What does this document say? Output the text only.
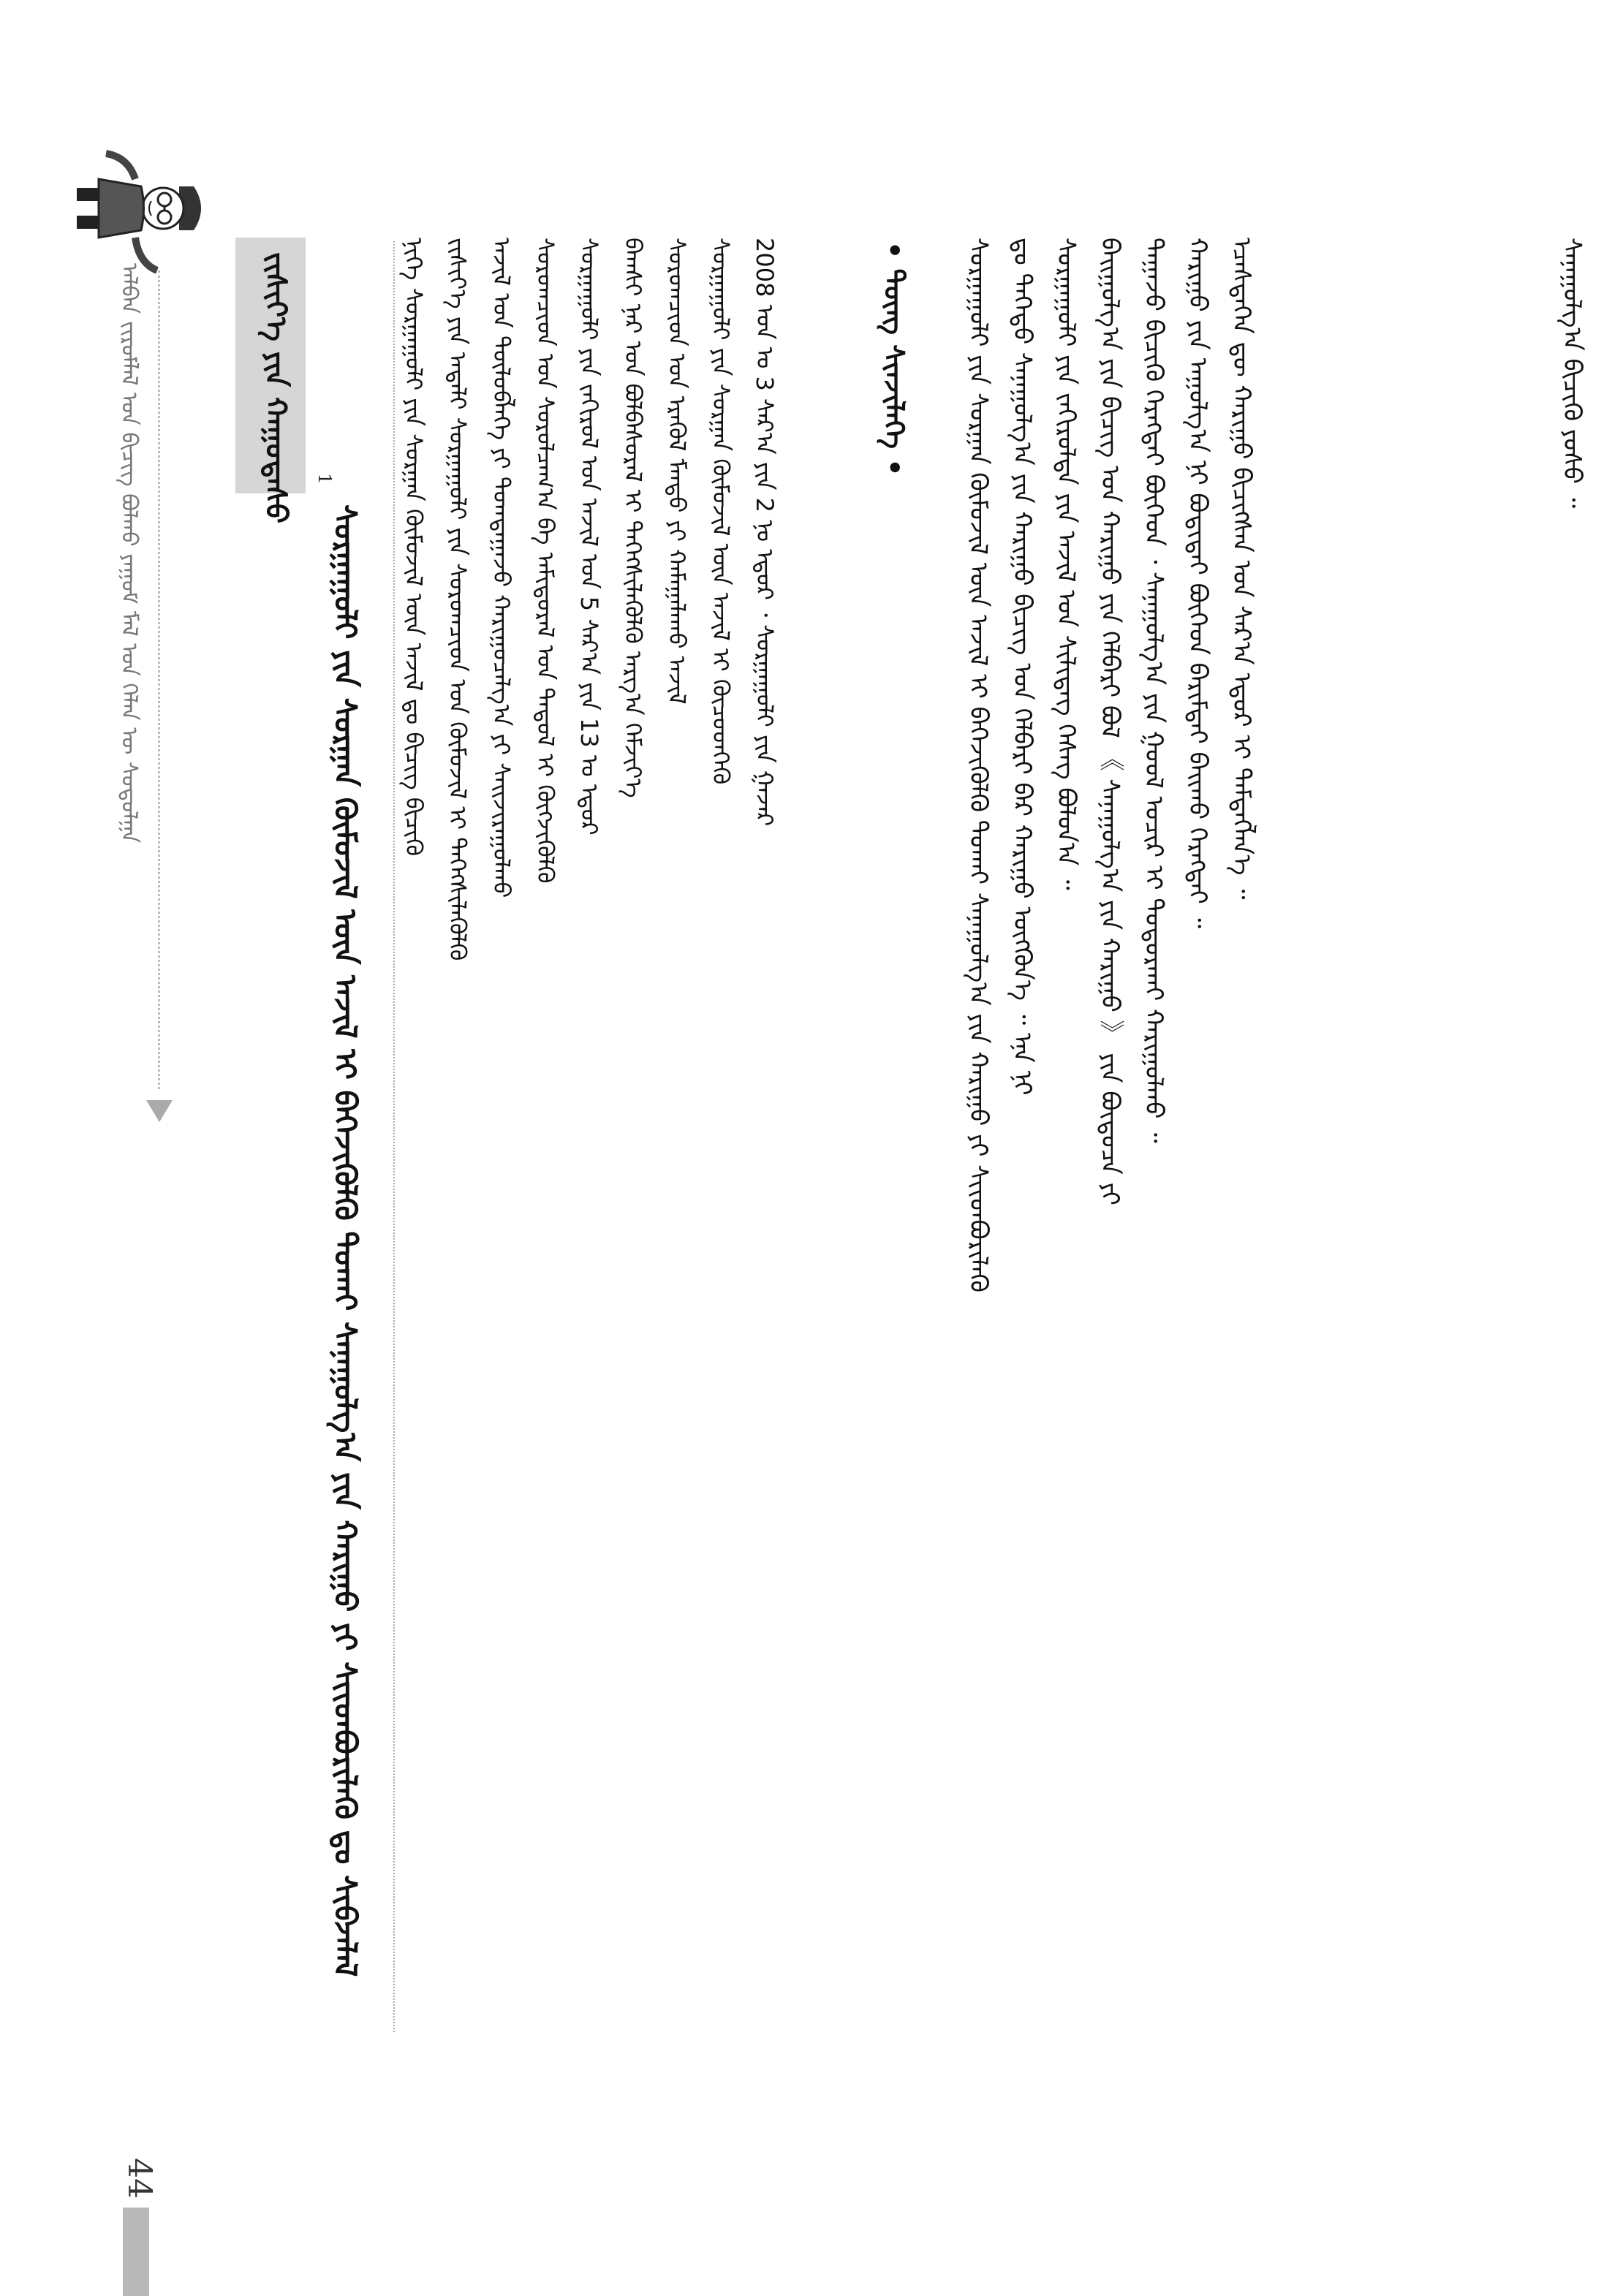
ᠠᠯᠪᠠᠨ ᠵᠢᠷᠤᠮᠯᠠᠯ ᠤᠨ ᠪᠢᠴᠢᠭ ᠪᠣᠯᠬᠤ ᠶᠠᠭᠤᠮ ᠮᠠᠯ ᠤᠨ ᠬᠡᠯᠡᠨ ᠦ ᠰᠤᠳᠤᠯᠭᠠ	ᠵᠢᠱᠢᠶ᠎ᠡ ᠶᠢᠨ ᠬᠠᠭᠤᠳᠠᠰᠤ 1
ᠰᠤᠷᠭᠠᠭᠤᠯᠢ ᠶᠢᠨ ᠰᠤᠷᠭᠠᠨ ᠬᠦᠮᠦᠵᠢᠯ ᠦᠨ ᠠᠵᠢᠯ ᠢ ᠪᠡᠬᠡᠵᠢᠭᠦᠯᠬᠦ ᠲᠤᠬᠠᠢ ᠰᠠᠨᠠᠭᠤᠯᠭ᠎ᠠ ᠶᠢᠨ ᠬᠠᠷᠢᠭᠤ ᠶᠢ ᠰᠢᠢᠳᠪᠦᠷᠢᠯᠡᠬᠦ ᠳᠤ ᠰᠢᠪᠵᠠᠯᠠᠯ	ᠨᠢᠭᠡ ᠰᠤᠷᠭᠠᠭᠤᠯᠢ ᠶᠢᠨ ᠰᠤᠷᠭᠠᠨ ᠬᠦᠮᠦᠵᠢᠯ ᠦᠨ ᠠᠵᠢᠯ ᠳᠤ ᠪᠢᠴᠢᠭ ᠪᠢᠴᠢᠬᠦ ᠵᠢᠱᠢᠶ᠎ᠡ ᠶᠢᠨ ᠠᠳᠠᠯᠢ ᠰᠤᠷᠭᠠᠭᠤᠯᠢ ᠶᠢᠨ ᠰᠤᠷᠤᠭᠴᠢᠳ ᠤᠨ ᠬᠦᠮᠦᠵᠢᠯ ᠢ ᠳᠡᠭᠡᠭᠰᠢᠯᠡᠭᠦᠯᠬᠦ ᠠᠵᠢᠯ ᠤᠨ ᠲᠥᠯᠦᠪᠯᠡᠭᠡ ᠶᠢ ᠲᠣᠭᠲᠠᠭᠠᠵᠤ ᠬᠠᠷᠢᠭᠤᠴᠠᠯᠭ᠎ᠠ ᠶᠢ ᠰᠠᠢᠵᠢᠷᠠᠭᠤᠯᠬᠤ ᠰᠤᠷᠤᠭᠴᠢᠳ ᠤᠨ ᠰᠤᠷᠤᠯᠴᠠᠭ᠎ᠠ ᠪᠠ ᠠᠮᠢᠳᠤᠷᠠᠯ ᠤᠨ ᠳᠠᠳᠤᠯ ᠢ ᠬᠥᠭᠵᠢᠭᠦᠯᠬᠦ ᠰᠤᠷᠭᠠᠭᠤᠯᠢ ᠶᠢᠨ ᠵᠠᠬᠢᠷᠤᠯ ᠤᠨ ᠠᠵᠢᠯ ᠤᠨ 5 ᠰᠠᠷ᠎ᠠ ᠶᠢᠨ 13 ᠤ ᠡᠳᠦᠷ ᠪᠠᠭᠰᠢ ᠨᠠᠷ ᠤᠨ ᠪᠣᠯᠪᠠᠰᠤᠷᠠᠯ ᠢ ᠳᠡᠭᠡᠭᠰᠢᠯᠡᠭᠦᠯᠬᠦ ᠠᠷᠭ᠎ᠠ ᠬᠡᠮᠵᠢᠶ᠎ᠡ ᠰᠤᠷᠤᠭᠴᠢᠳ ᠤᠨ ᠡᠷᠡᠭᠦᠯ ᠮᠡᠨᠳᠦ ᠶᠢ ᠬᠠᠮᠠᠭᠠᠯᠠᠬᠤ ᠠᠵᠢᠯ ᠰᠤᠷᠭᠠᠭᠤᠯᠢ ᠶᠢᠨ ᠰᠤᠷᠭᠠᠨ ᠬᠦᠮᠦᠵᠢᠯ ᠦᠨ ᠠᠵᠢᠯ ᠢ ᠬᠦᠴᠦᠳᠬᠡᠬᠦ 2008 ᠣᠨ ᠤ 3 ᠰᠠᠷ᠎ᠠ ᠶᠢᠨ 2 ᠨᠤ ᠡᠳᠦᠷ ᠂ ᠰᠤᠷᠭᠠᠭᠤᠯᠢ ᠶᠢᠨ ᠭᠠᠵᠠᠷ	• ᠳᠦᠩ ᠰᠢᠨᠵᠢᠯᠡᠭᠡ • ᠰᠤᠷᠭᠠᠭᠤᠯᠢ ᠶᠢᠨ ᠰᠤᠷᠭᠠᠨ ᠬᠦᠮᠦᠵᠢᠯ ᠦᠨ ᠠᠵᠢᠯ ᠢ ᠪᠡᠬᠡᠵᠢᠭᠦᠯᠬᠦ ᠲᠤᠬᠠᠢ ᠰᠠᠨᠠᠭᠤᠯᠭ᠎ᠠ ᠶᠢᠨ ᠬᠠᠷᠢᠭᠤ ᠶᠢ ᠰᠢᠢᠳᠪᠦᠷᠢᠯᠡᠬᠦ ᠳᠤ ᠳᠡᠭᠡᠳᠦ ᠰᠠᠨᠠᠭᠤᠯᠭ᠎ᠠ ᠶᠢᠨ ᠬᠠᠷᠢᠭᠤ ᠪᠢᠴᠢᠭ ᠤᠨ ᠬᠡᠯᠪᠡᠷᠢ ᠪᠡᠷ ᠬᠠᠷᠢᠭᠤ ᠥᠭᠭᠦᠨ᠎ᠡ ᠃ ᠡᠨᠡ ᠨᠢ ᠰᠤᠷᠭᠠᠭᠤᠯᠢ ᠶᠢᠨ ᠵᠠᠬᠢᠷᠤᠯᠲᠠ ᠶᠢᠨ ᠠᠵᠢᠯ ᠤᠨ ᠰᠢᠯᠢᠳᠡᠭ ᠬᠡᠰᠡᠭ ᠪᠣᠯᠤᠨ᠎ᠠ ᠃ ᠪᠠᠢᠭᠤᠯᠭ᠎ᠠ ᠶᠢᠨ ᠪᠢᠴᠢᠭ ᠤᠨ ᠬᠠᠷᠢᠭᠤ ᠶᠢᠨ ᠬᠡᠯᠪᠡᠷᠢ ᠪᠣᠯ 《 ᠰᠠᠨᠠᠭᠤᠯᠭ᠎ᠠ ᠶᠢᠨ ᠬᠠᠷᠢᠭᠤ 》 ᠶᠢᠨ ᠪᠦᠲᠦᠴᠡ ᠶᠢ ᠳᠠᠭᠠᠵᠤ ᠪᠢᠴᠢᠬᠦ ᠬᠡᠷᠡᠭᠲᠡᠢ ᠪᠥᠭᠡᠳ ᠂ ᠰᠠᠨᠠᠭᠤᠯᠭ᠎ᠠ ᠶᠢᠨ ᠭᠣᠣᠯ ᠤᠴᠢᠷ ᠢ ᠲᠣᠳᠤᠷᠬᠠᠢ ᠬᠠᠷᠢᠭᠤᠯᠬᠤ ᠃ ᠬᠠᠷᠢᠭᠤ ᠶᠢᠨ ᠠᠭᠤᠯᠭ᠎ᠠ ᠨᠢ ᠪᠣᠳᠢᠲᠠᠢ ᠪᠥᠭᠡᠳ ᠪᠠᠷᠢᠮᠲᠠᠢ ᠪᠠᠢᠬᠤ ᠬᠡᠷᠡᠭᠲᠡᠢ ᠃ ᠡᠴᠡᠰᠲᠡᠭᠡᠨ ᠳᠦ ᠬᠠᠷᠢᠭᠤ ᠪᠢᠴᠢᠭᠰᠡᠨ ᠣᠨ ᠰᠠᠷ᠎ᠠ ᠡᠳᠦᠷ ᠢ ᠲᠡᠮᠳᠡᠭᠯᠡᠨ᠎ᠡ ᠃	ᠰᠠᠨᠠᠭᠤᠯᠭ᠎ᠠ ᠪᠢᠴᠢᠬᠦ ᠶᠣᠰᠣ ᠃
44
